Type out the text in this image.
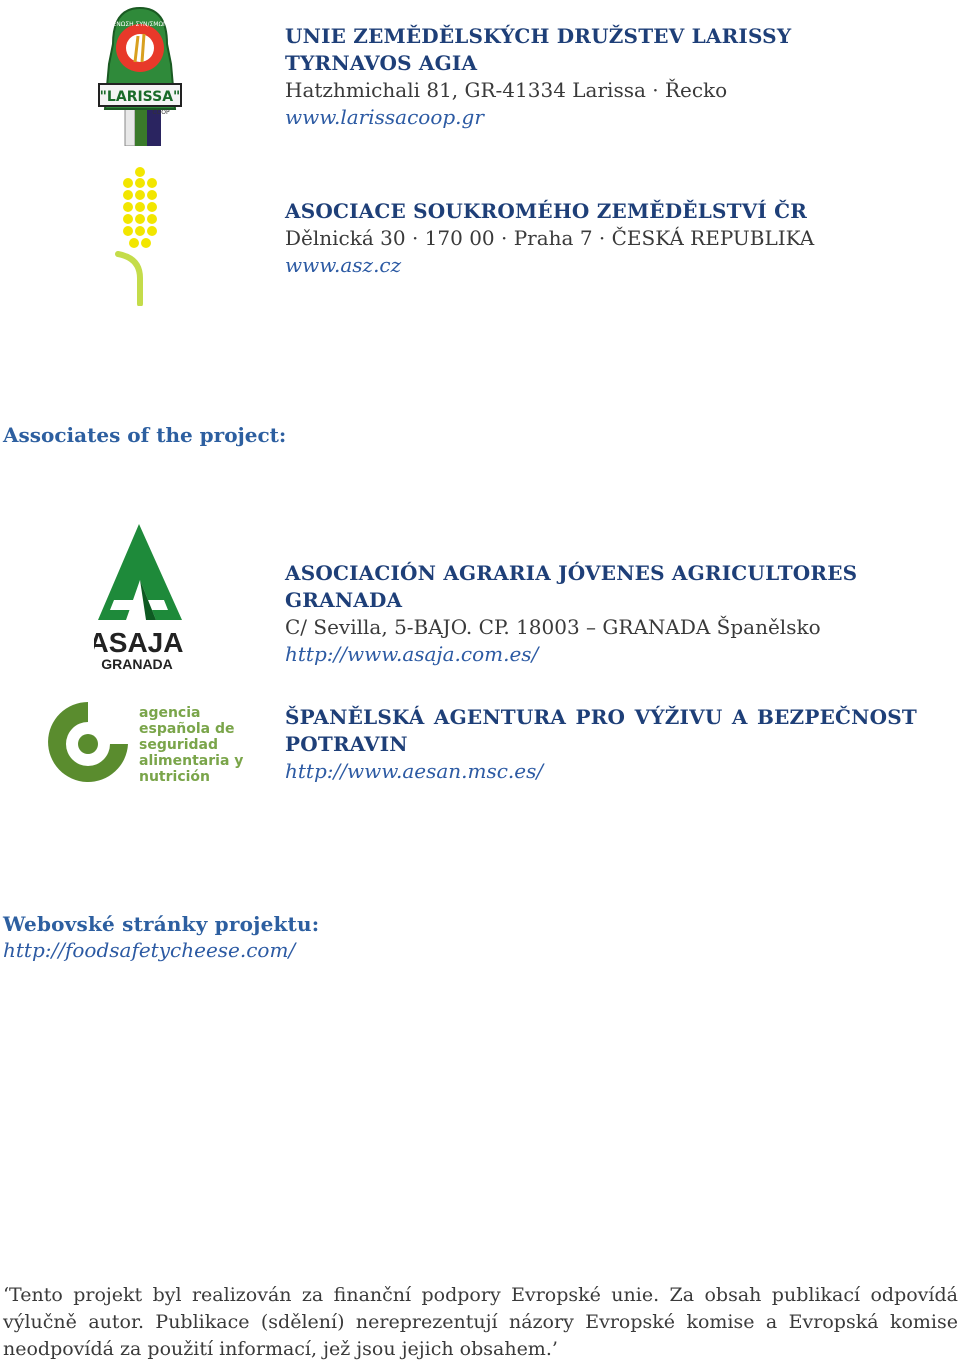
ΕΝΩΣΗ ΣΥΝ/ΣΜΩΝ
"LARISSA"
COOP
UNIE ZEMĚDĚLSKÝCH DRUŽSTEV LARISSY TYRNAVOS AGIA
Hatzhmichali 81, GR-41334 Larissa · Řecko
www.larissacoop.gr
ASOCIACE SOUKROMÉHO ZEMĚDĚLSTVÍ ČR
Dělnická 30 · 170 00 · Praha 7 · ČESKÁ REPUBLIKA
www.asz.cz
Associates of the project:
ASAJA
GRANADA
ASOCIACIÓN AGRARIA JÓVENES AGRICULTORES GRANADA
C/ Sevilla, 5-BAJO. CP. 18003 – GRANADA Španělsko
http://www.asaja.com.es/
agencia
española de
seguridad
alimentaria y
nutrición
ŠPANĚLSKÁ AGENTURA PRO VÝŽIVU A BEZPEČNOST POTRAVIN
http://www.aesan.msc.es/
Webovské stránky projektu:
http://foodsafetycheese.com/
‘Tento projekt byl realizován za finanční podpory Evropské unie. Za obsah publikací odpovídá výlučně autor. Publikace (sdělení) nereprezentují názory Evropské komise a Evropská komise neodpovídá za použití informací, jež jsou jejich obsahem.’
